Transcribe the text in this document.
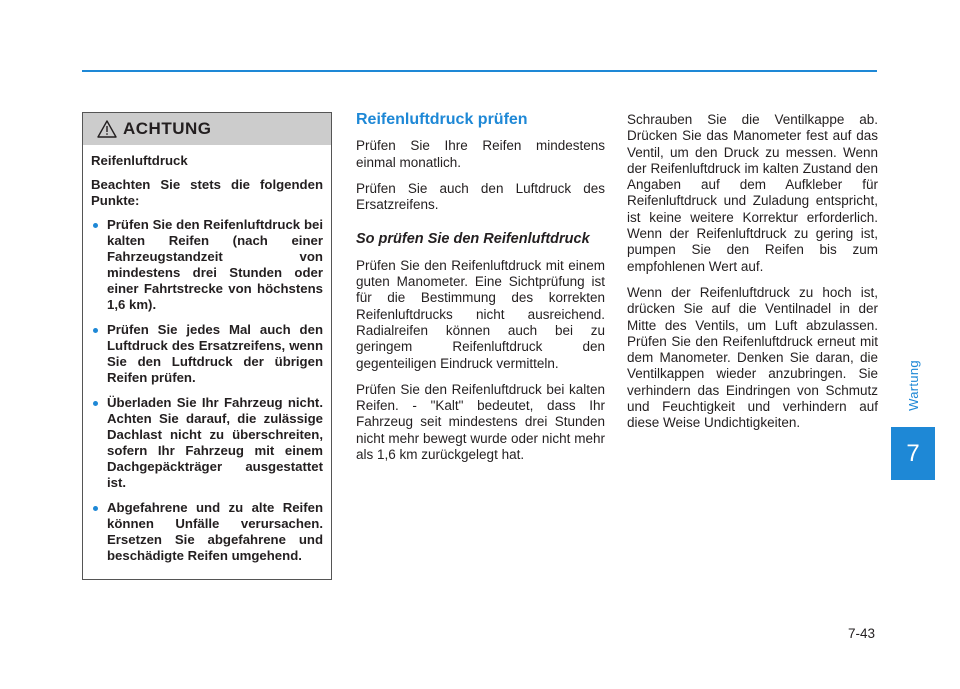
Wartung
7
ACHTUNG

Reifenluftdruck

Beachten Sie stets die folgenden Punkte:

Prüfen Sie den Reifenluftdruck bei kalten Reifen (nach einer Fahrzeugstandzeit von mindestens drei Stunden oder einer Fahrtstrecke von höchstens 1,6 km).
Prüfen Sie jedes Mal auch den Luftdruck des Ersatzreifens, wenn Sie den Luftdruck der übrigen Reifen prüfen.
Überladen Sie Ihr Fahrzeug nicht. Achten Sie darauf, die zulässige Dachlast nicht zu überschreiten, sofern Ihr Fahrzeug mit einem Dachgepäckträger ausgestattet ist.
Abgefahrene und zu alte Reifen können Unfälle verursachen. Ersetzen Sie abgefahrene und beschädigte Reifen umgehend.
Reifenluftdruck prüfen

Prüfen Sie Ihre Reifen mindestens einmal monatlich.

Prüfen Sie auch den Luftdruck des Ersatzreifens.

So prüfen Sie den Reifenluftdruck

Prüfen Sie den Reifenluftdruck mit einem guten Manometer. Eine Sichtprüfung ist für die Bestimmung des korrekten Reifenluftdrucks nicht ausreichend. Radialreifen können auch bei zu geringem Reifenluftdruck den gegenteiligen Eindruck vermitteln.

Prüfen Sie den Reifenluftdruck bei kalten Reifen. - "Kalt" bedeutet, dass Ihr Fahrzeug seit mindestens drei Stunden nicht mehr bewegt wurde oder nicht mehr als 1,6 km zurückgelegt hat.

Schrauben Sie die Ventilkappe ab. Drücken Sie das Manometer fest auf das Ventil, um den Druck zu messen. Wenn der Reifenluftdruck im kalten Zustand den Angaben auf dem Aufkleber für Reifenluftdruck und Zuladung entspricht, ist keine weitere Korrektur erforderlich. Wenn der Reifenluftdruck zu gering ist, pumpen Sie den Reifen bis zum empfohlenen Wert auf.

Wenn der Reifenluftdruck zu hoch ist, drücken Sie auf die Ventilnadel in der Mitte des Ventils, um Luft abzulassen. Prüfen Sie den Reifenluftdruck erneut mit dem Manometer. Denken Sie daran, die Ventilkappen wieder anzubringen. Sie verhindern das Eindringen von Schmutz und Feuchtigkeit und verhindern auf diese Weise Undichtigkeiten.

7-43
